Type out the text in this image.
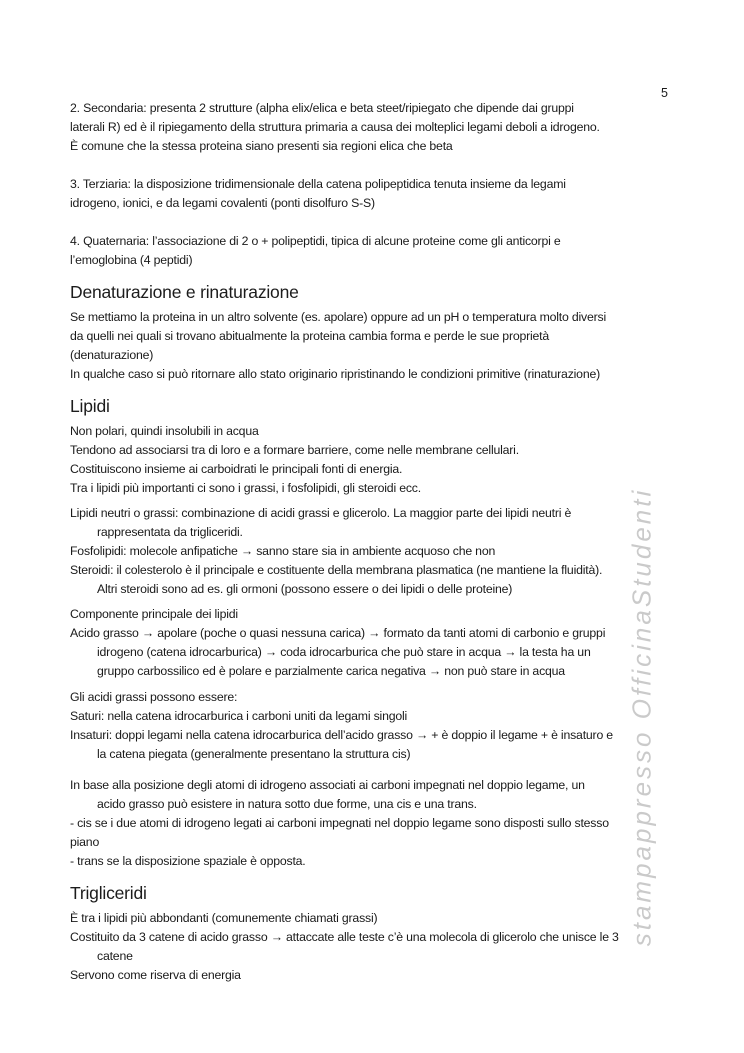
stampappresso OfficinaStudenti
5
2. Secondaria: presenta 2 strutture (alpha elix/elica e beta steet/ripiegato che dipende dai gruppi
laterali R) ed è il ripiegamento della struttura primaria a causa dei molteplici legami deboli a idrogeno.
È comune che la stessa proteina siano presenti sia regioni elica che beta
3. Terziaria: la disposizione tridimensionale della catena polipeptidica tenuta insieme da legami
idrogeno, ionici, e da legami covalenti (ponti disolfuro S-S)
4. Quaternaria: l’associazione di 2 o + polipeptidi, tipica di alcune proteine come gli anticorpi e
l’emoglobina (4 peptidi)
Denaturazione e rinaturazione
Se mettiamo la proteina in un altro solvente (es. apolare) oppure ad un pH o temperatura molto diversi
da quelli nei quali si trovano abitualmente la proteina cambia forma e perde le sue proprietà
(denaturazione)
In qualche caso si può ritornare allo stato originario ripristinando le condizioni primitive (rinaturazione)
Lipidi
Non polari, quindi insolubili in acqua
Tendono ad associarsi tra di loro e a formare barriere, come nelle membrane cellulari.
Costituiscono insieme ai carboidrati le principali fonti di energia.
Tra i lipidi più importanti ci sono i grassi, i fosfolipidi, gli steroidi ecc.
Lipidi neutri o grassi: combinazione di acidi grassi e glicerolo. La maggior parte dei lipidi neutri è
rappresentata da trigliceridi.
Fosfolipidi: molecole anfipatiche → sanno stare sia in ambiente acquoso che non
Steroidi: il colesterolo è il principale e costituente della membrana plasmatica (ne mantiene la fluidità).
Altri steroidi sono ad es. gli ormoni (possono essere o dei lipidi o delle proteine)
Componente principale dei lipidi
Acido grasso → apolare (poche o quasi nessuna carica) → formato da tanti atomi di carbonio e gruppi
idrogeno (catena idrocarburica) → coda idrocarburica che può stare in acqua → la testa ha un
gruppo carbossilico ed è polare e parzialmente carica negativa → non può stare in acqua
Gli acidi grassi possono essere:
Saturi: nella catena idrocarburica i carboni uniti da legami singoli
Insaturi: doppi legami nella catena idrocarburica dell’acido grasso → + è doppio il legame + è insaturo e
la catena piegata (generalmente presentano la struttura cis)
In base alla posizione degli atomi di idrogeno associati ai carboni impegnati nel doppio legame, un
acido grasso può esistere in natura sotto due forme, una cis e una trans.
- cis se i due atomi di idrogeno legati ai carboni impegnati nel doppio legame sono disposti sullo stesso
piano
- trans se la disposizione spaziale è opposta.
Trigliceridi
È tra i lipidi più abbondanti (comunemente chiamati grassi)
Costituito da 3 catene di acido grasso → attaccate alle teste c’è una molecola di glicerolo che unisce le 3
catene
Servono come riserva di energia
